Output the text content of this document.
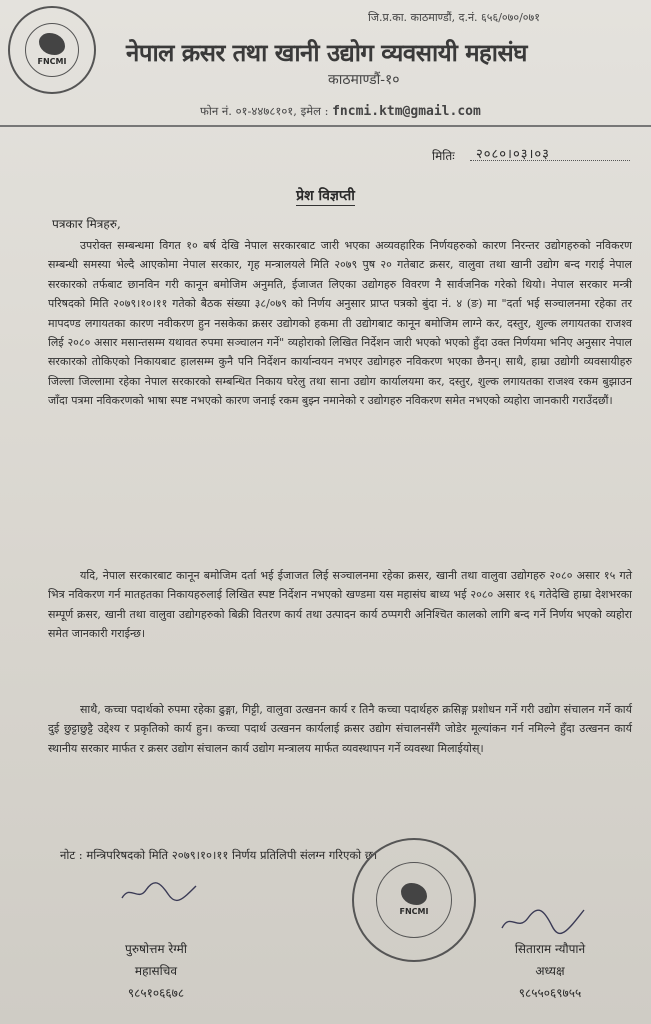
FNCMI
जि.प्र.का. काठमाण्डौं, द.नं. ६५६/०७०/०७१
नेपाल क्रसर तथा खानी उद्योग व्यवसायी महासंघ
काठमाण्डौं-१०
फोन नं. ०१-४४७८१०१, इमेल : fncmi.ktm@gmail.com
मितिः २०८०।०३।०३
प्रेश विज्ञप्ती
पत्रकार मित्रहरु,

उपरोक्त सम्बन्धमा विगत १० बर्ष देखि नेपाल सरकारबाट जारी भएका अव्यवहारिक निर्णयहरुको कारण निरन्तर उद्योगहरुको नविकरण सम्बन्धी समस्या भेल्दै आएकोमा नेपाल सरकार, गृह मन्त्रालयले मिति २०७९ पुष २० गतेबाट क्रसर, वालुवा तथा खानी उद्योग बन्द गराई नेपाल सरकारको तर्फबाट छानविन गरी कानून बमोजिम अनुमति, ईजाजत लिएका उद्योगहरु विवरण नै सार्वजनिक गरेको थियो। नेपाल सरकार मन्त्री परिषदको मिति २०७९।१०।११ गतेको बैठक संख्या ३८/०७९ को निर्णय अनुसार प्राप्त पत्रको बुंदा नं. ४ (ङ) मा "दर्ता भई सञ्चालनमा रहेका तर मापदण्ड लगायतका कारण नवीकरण हुन नसकेका क्रसर उद्योगको हकमा ती उद्योगबाट कानून बमोजिम लाग्ने कर, दस्तुर, शुल्क लगायतका राजश्व लिई २०८० असार मसान्तसम्म यथावत रुपमा सञ्चालन गर्ने" व्यहोराको लिखित निर्देशन जारी भएको भएको हुँदा उक्त निर्णयमा भनिए अनुसार नेपाल सरकारको तोकिएको निकायबाट हालसम्म कुनै पनि निर्देशन कार्यान्वयन नभएर उद्योगहरु नविकरण भएका छैनन्। साथै, हाम्रा उद्योगी व्यवसायीहरु जिल्ला जिल्लामा रहेका नेपाल सरकारको सम्बन्धित निकाय घरेलु तथा साना उद्योग कार्यालयमा कर, दस्तुर, शुल्क लगायतका राजश्व रकम बुझाउन जाँदा पत्रमा नविकरणको भाषा स्पष्ट नभएको कारण जनाई रकम बुझ्न नमानेको र उद्योगहरु नविकरण समेत नभएको व्यहोरा जानकारी गराउँदछौं।

यदि, नेपाल सरकारबाट कानून बमोजिम दर्ता भई ईजाजत लिई सञ्चालनमा रहेका क्रसर, खानी तथा वालुवा उद्योगहरु २०८० असार १५ गते भित्र नविकरण गर्न मातहतका निकायहरुलाई लिखित स्पष्ट निर्देशन नभएको खण्डमा यस महासंघ बाध्य भई २०८० असार १६ गतेदेखि हाम्रा देशभरका सम्पूर्ण क्रसर, खानी तथा वालुवा उद्योगहरुको बिक्री वितरण कार्य तथा उत्पादन कार्य ठप्पगरी अनिश्चित कालको लागि बन्द गर्ने निर्णय भएको व्यहोरा समेत जानकारी गराईन्छ।

साथै, कच्चा पदार्थको रुपमा रहेका ढुङ्गा, गिट्टी, वालुवा उत्खनन कार्य र तिनै कच्चा पदार्थहरु क्रसिङ्ग प्रशोधन गर्ने गरी उद्योग संचालन गर्ने कार्य दुई छुट्टाछुट्टै उद्देश्य र प्रकृतिको कार्य हुन। कच्चा पदार्थ उत्खनन कार्यलाई क्रसर उद्योग संचालनसँगै जोडेर मूल्यांकन गर्न नमिल्ने हुँदा उत्खनन कार्य स्थानीय सरकार मार्फत र क्रसर उद्योग संचालन कार्य उद्योग मन्त्रालय मार्फत व्यवस्थापन गर्ने व्यवस्था मिलाईयोस्।

नोट : मन्त्रिपरिषदको मिति २०७९।१०।११ निर्णय प्रतिलिपी संलग्न गरिएको छ।
FNCMI
पुरुषोत्तम रेग्मी
महासचिव
९८५१०६६७८
सिताराम न्यौपाने
अध्यक्ष
९८५५०६९७५५
